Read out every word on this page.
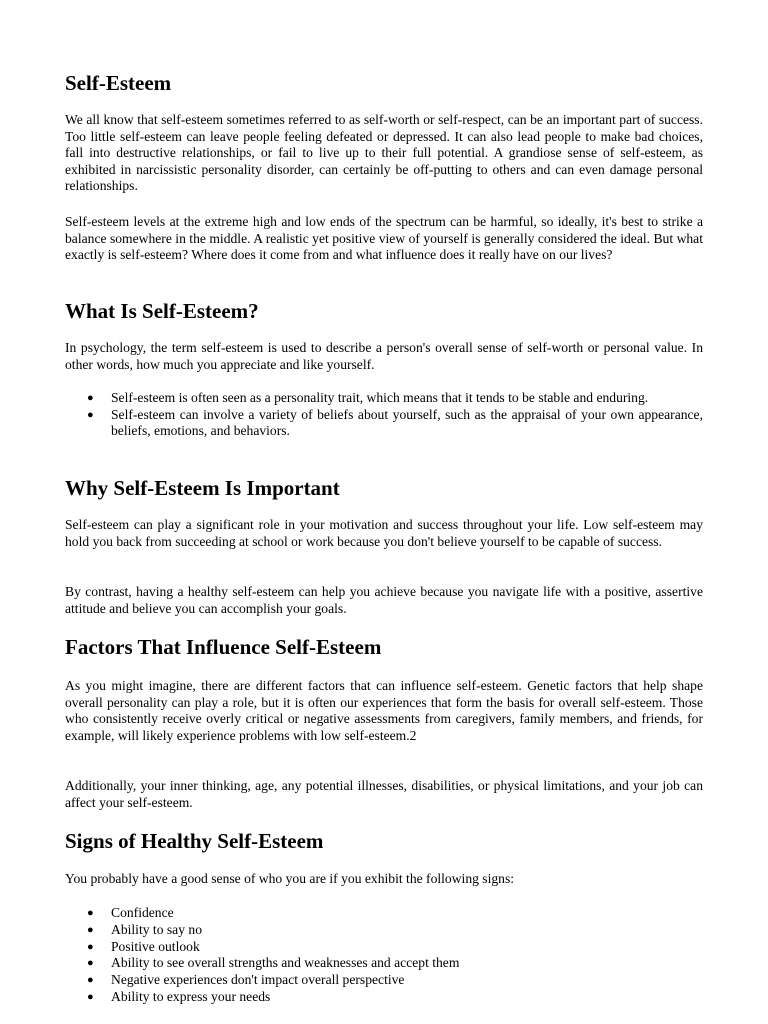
Self-Esteem

We all know that self-esteem sometimes referred to as self-worth or self-respect, can be an important part of success. Too little self-esteem can leave people feeling defeated or depressed. It can also lead people to make bad choices, fall into destructive relationships, or fail to live up to their full potential. A grandiose sense of self-esteem, as exhibited in narcissistic personality disorder, can certainly be off-putting to others and can even damage personal relationships.

Self-esteem levels at the extreme high and low ends of the spectrum can be harmful, so ideally, it's best to strike a balance somewhere in the middle. A realistic yet positive view of yourself is generally considered the ideal. But what exactly is self-esteem? Where does it come from and what influence does it really have on our lives?

What Is Self-Esteem?

In psychology, the term self-esteem is used to describe a person's overall sense of self-worth or personal value. In other words, how much you appreciate and like yourself.

● Self-esteem is often seen as a personality trait, which means that it tends to be stable and enduring.
● Self-esteem can involve a variety of beliefs about yourself, such as the appraisal of your own appearance, beliefs, emotions, and behaviors.
Why Self-Esteem Is Important

Self-esteem can play a significant role in your motivation and success throughout your life. Low self-esteem may hold you back from succeeding at school or work because you don't believe yourself to be capable of success.

By contrast, having a healthy self-esteem can help you achieve because you navigate life with a positive, assertive attitude and believe you can accomplish your goals.

Factors That Influence Self-Esteem

As you might imagine, there are different factors that can influence self-esteem. Genetic factors that help shape overall personality can play a role, but it is often our experiences that form the basis for overall self-esteem. Those who consistently receive overly critical or negative assessments from caregivers, family members, and friends, for example, will likely experience problems with low self-esteem.2

Additionally, your inner thinking, age, any potential illnesses, disabilities, or physical limitations, and your job can affect your self-esteem.

Signs of Healthy Self-Esteem

You probably have a good sense of who you are if you exhibit the following signs:

● Confidence
● Ability to say no
● Positive outlook
● Ability to see overall strengths and weaknesses and accept them
● Negative experiences don't impact overall perspective
● Ability to express your needs
